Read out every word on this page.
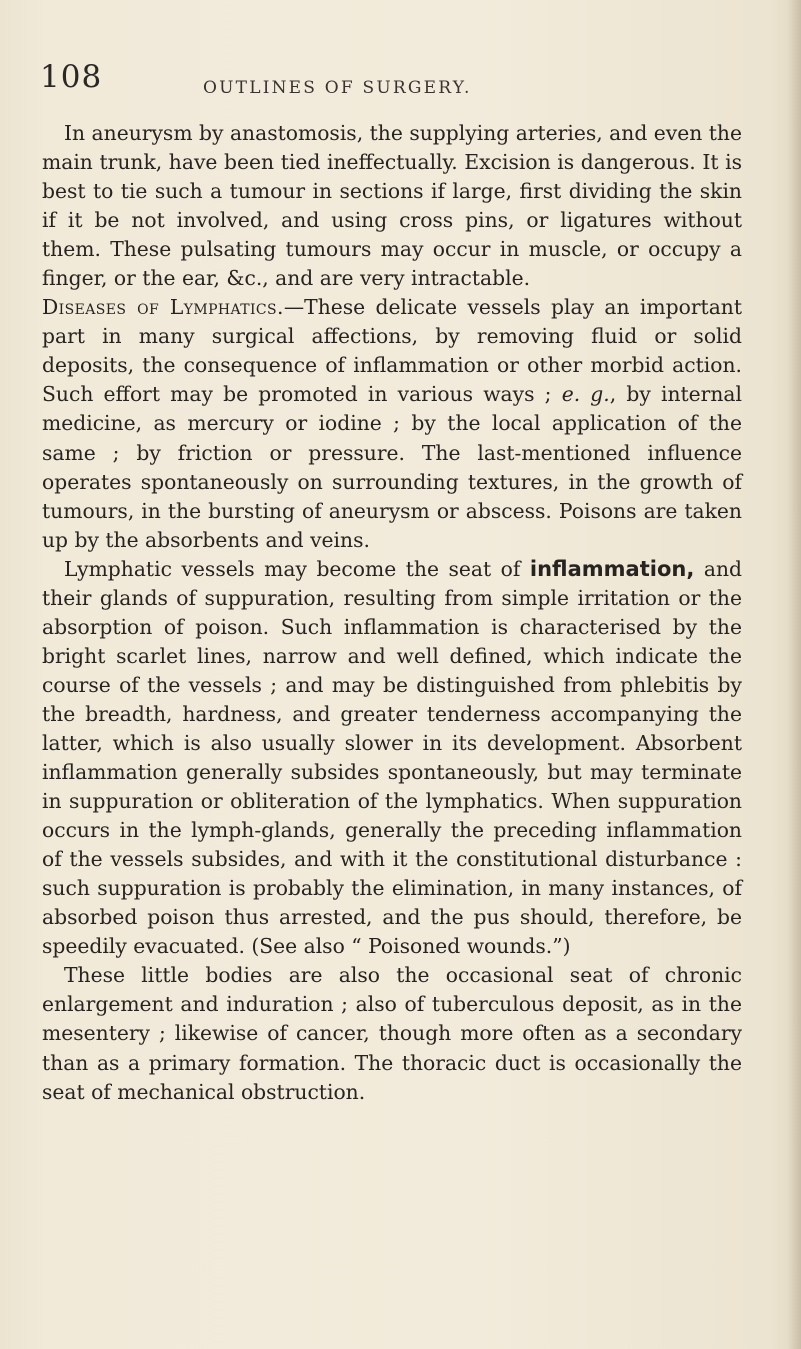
108	OUTLINES OF SURGERY.

In aneurysm by anastomosis, the supplying arteries, and even the main trunk, have been tied ineffectually. Excision is dangerous. It is best to tie such a tumour in sections if large, first dividing the skin if it be not involved, and using cross pins, or ligatures without them. These pulsating tumours may occur in muscle, or occupy a finger, or the ear, &c., and are very intractable.

Diseases of Lymphatics.—These delicate vessels play an important part in many surgical affections, by removing fluid or solid deposits, the consequence of inflammation or other morbid action. Such effort may be promoted in various ways ; e. g., by internal medicine, as mercury or iodine ; by the local application of the same ; by friction or pressure. The last-mentioned influence operates spontaneously on surrounding textures, in the growth of tumours, in the bursting of aneurysm or abscess. Poisons are taken up by the absorbents and veins.

Lymphatic vessels may become the seat of inflammation, and their glands of suppuration, resulting from simple irritation or the absorption of poison. Such inflammation is characterised by the bright scarlet lines, narrow and well defined, which indicate the course of the vessels ; and may be distinguished from phlebitis by the breadth, hardness, and greater tenderness accompanying the latter, which is also usually slower in its development. Absorbent inflammation generally subsides spontaneously, but may terminate in suppuration or obliteration of the lymphatics. When suppuration occurs in the lymph-glands, generally the preceding inflammation of the vessels subsides, and with it the constitutional disturbance : such suppuration is probably the elimination, in many instances, of absorbed poison thus arrested, and the pus should, therefore, be speedily evacuated. (See also “ Poisoned wounds.”)

These little bodies are also the occasional seat of chronic enlargement and induration ; also of tuberculous deposit, as in the mesentery ; likewise of cancer, though more often as a secondary than as a primary formation. The thoracic duct is occasionally the seat of mechanical obstruction.
